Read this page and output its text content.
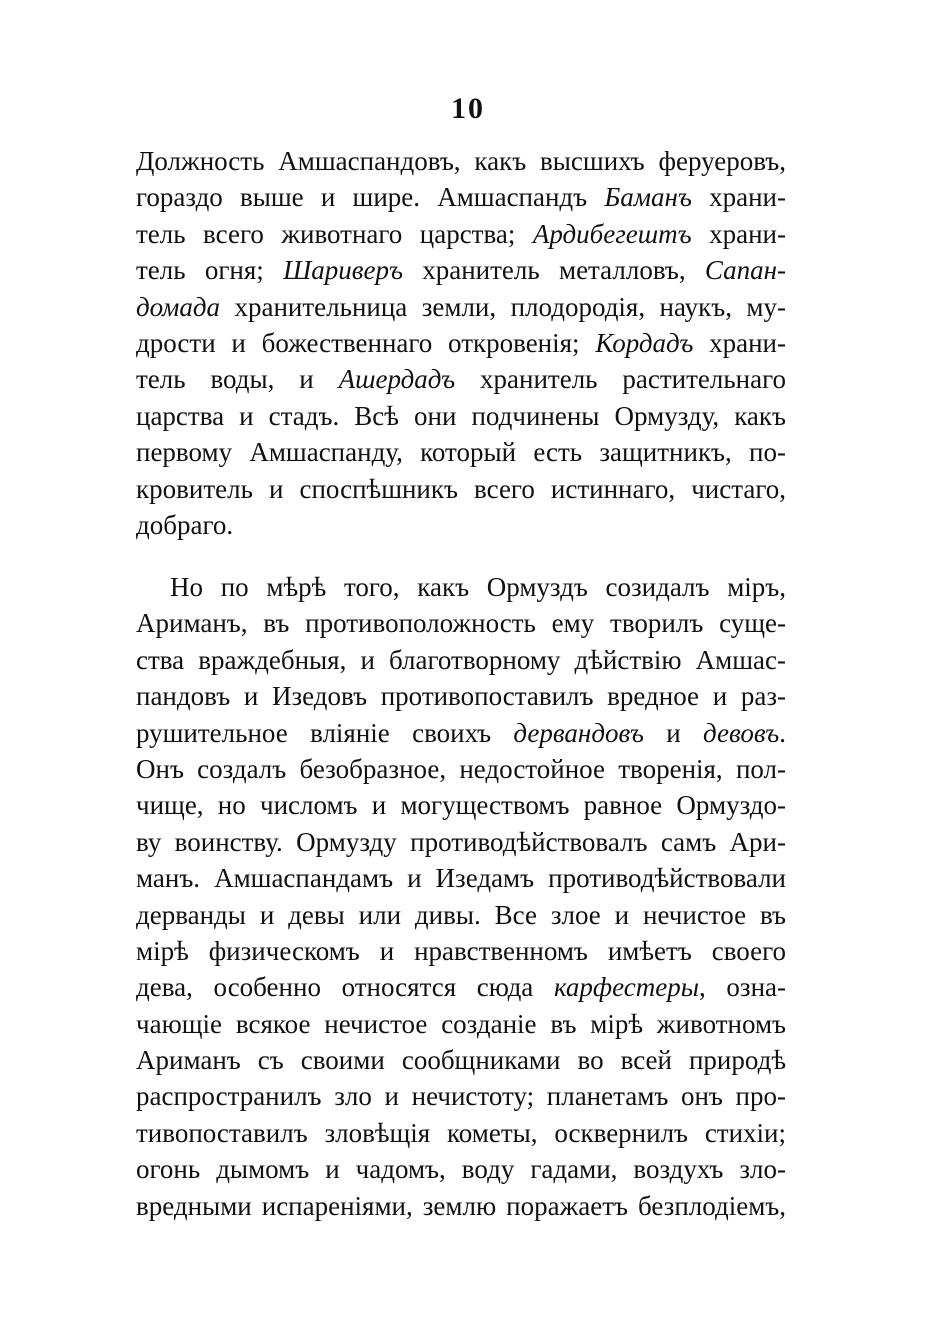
10
Должность Амшаспандовъ, какъ высшихъ феруеровъ,
гораздо выше и шире. Амшаспандъ Баманъ храни-
тель всего животнаго царства; Ардибегештъ храни-
тель огня; Шариверъ хранитель металловъ, Сапан-
домада хранительница земли, плодородія, наукъ, му-
дрости и божественнаго откровенія; Кордадъ храни-
тель воды, и Ашердадъ хранитель растительнаго
царства и стадъ. Всѣ они подчинены Ормузду, какъ
первому Амшаспанду, который есть защитникъ, по-
кровитель и споспѣшникъ всего истиннаго, чистаго,
добраго.
Но по мѣрѣ того, какъ Ормуздъ созидалъ міръ,
Ариманъ, въ противоположность ему творилъ суще-
ства враждебныя, и благотворному дѣйствію Амшас-
пандовъ и Изедовъ противопоставилъ вредное и раз-
рушительное вліяніе своихъ дервандовъ и девовъ.
Онъ создалъ безобразное, недостойное творенія, пол-
чище, но числомъ и могуществомъ равное Ормуздо-
ву воинству. Ормузду противодѣйствовалъ самъ Ари-
манъ. Амшаспандамъ и Изедамъ противодѣйствовали
дерванды и девы или дивы. Все злое и нечистое въ
мірѣ физическомъ и нравственномъ имѣетъ своего
дева, особенно относятся сюда карфестеры, озна-
чающіе всякое нечистое созданіе въ мірѣ животномъ
Ариманъ съ своими сообщниками во всей природѣ
распространилъ зло и нечистоту; планетамъ онъ про-
тивопоставилъ зловѣщія кометы, осквернилъ стихіи;
огонь дымомъ и чадомъ, воду гадами, воздухъ зло-
вредными испареніями, землю поражаетъ безплодіемъ,
